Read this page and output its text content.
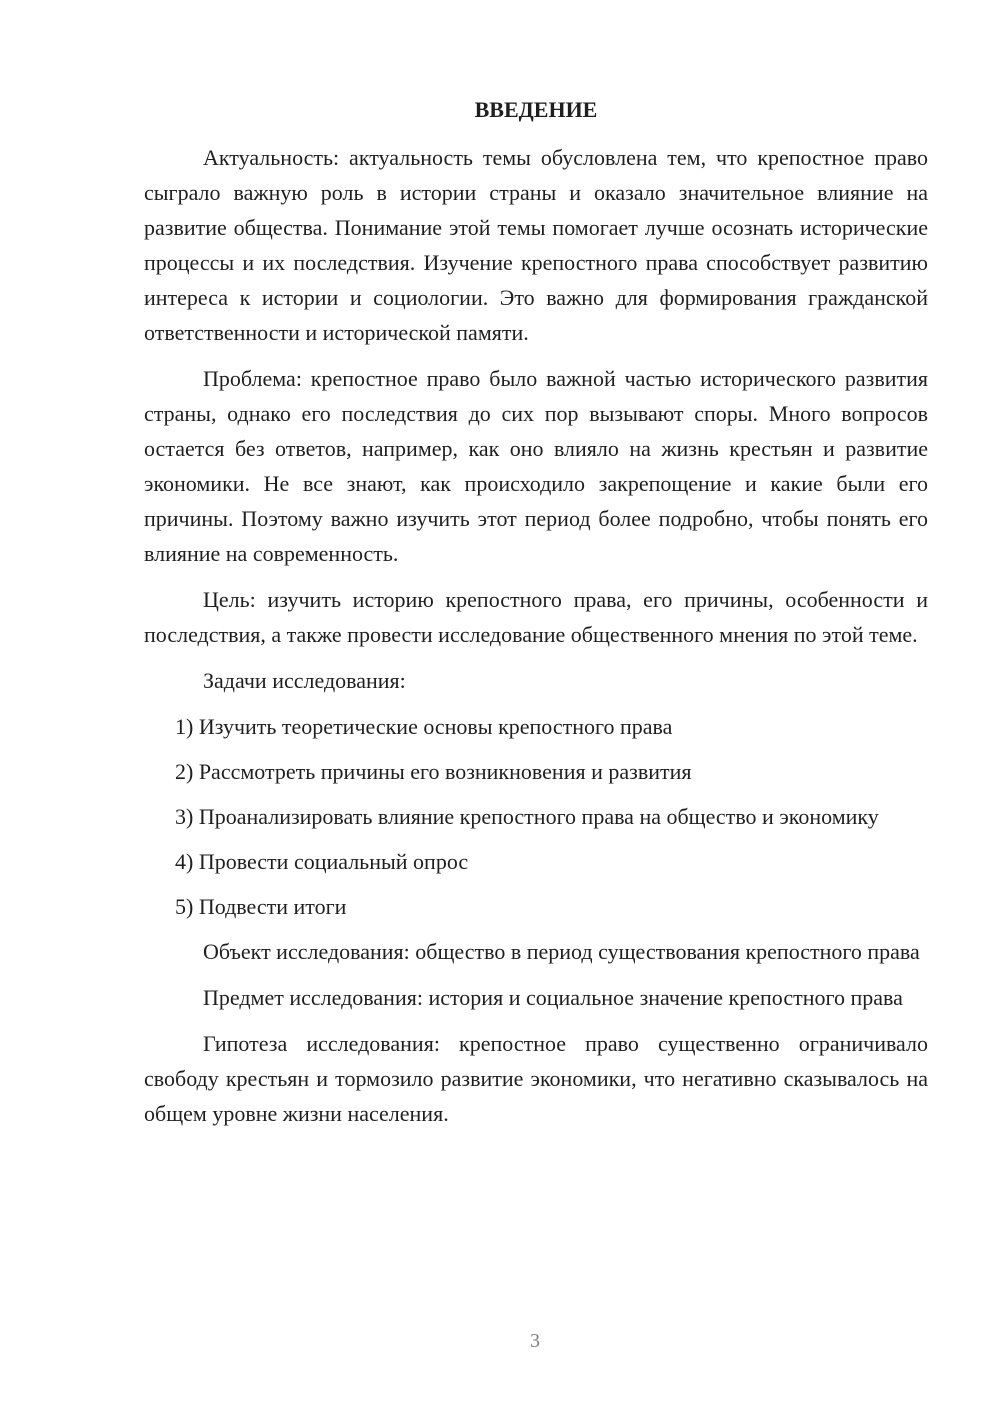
ВВЕДЕНИЕ

Актуальность: актуальность темы обусловлена тем, что крепостное право сыграло важную роль в истории страны и оказало значительное влияние на развитие общества. Понимание этой темы помогает лучше осознать исторические процессы и их последствия. Изучение крепостного права способствует развитию интереса к истории и социологии. Это важно для формирования гражданской ответственности и исторической памяти.

Проблема: крепостное право было важной частью исторического развития страны, однако его последствия до сих пор вызывают споры. Много вопросов остается без ответов, например, как оно влияло на жизнь крестьян и развитие экономики. Не все знают, как происходило закрепощение и какие были его причины. Поэтому важно изучить этот период более подробно, чтобы понять его влияние на современность.

Цель: изучить историю крепостного права, его причины, особенности и последствия, а также провести исследование общественного мнения по этой теме.

Задачи исследования:

1) Изучить теоретические основы крепостного права

2) Рассмотреть причины его возникновения и развития

3) Проанализировать влияние крепостного права на общество и экономику

4) Провести социальный опрос

5) Подвести итоги

Объект исследования: общество в период существования крепостного права

Предмет исследования: история и социальное значение крепостного права

Гипотеза исследования: крепостное право существенно ограничивало свободу крестьян и тормозило развитие экономики, что негативно сказывалось на общем уровне жизни населения.

3
